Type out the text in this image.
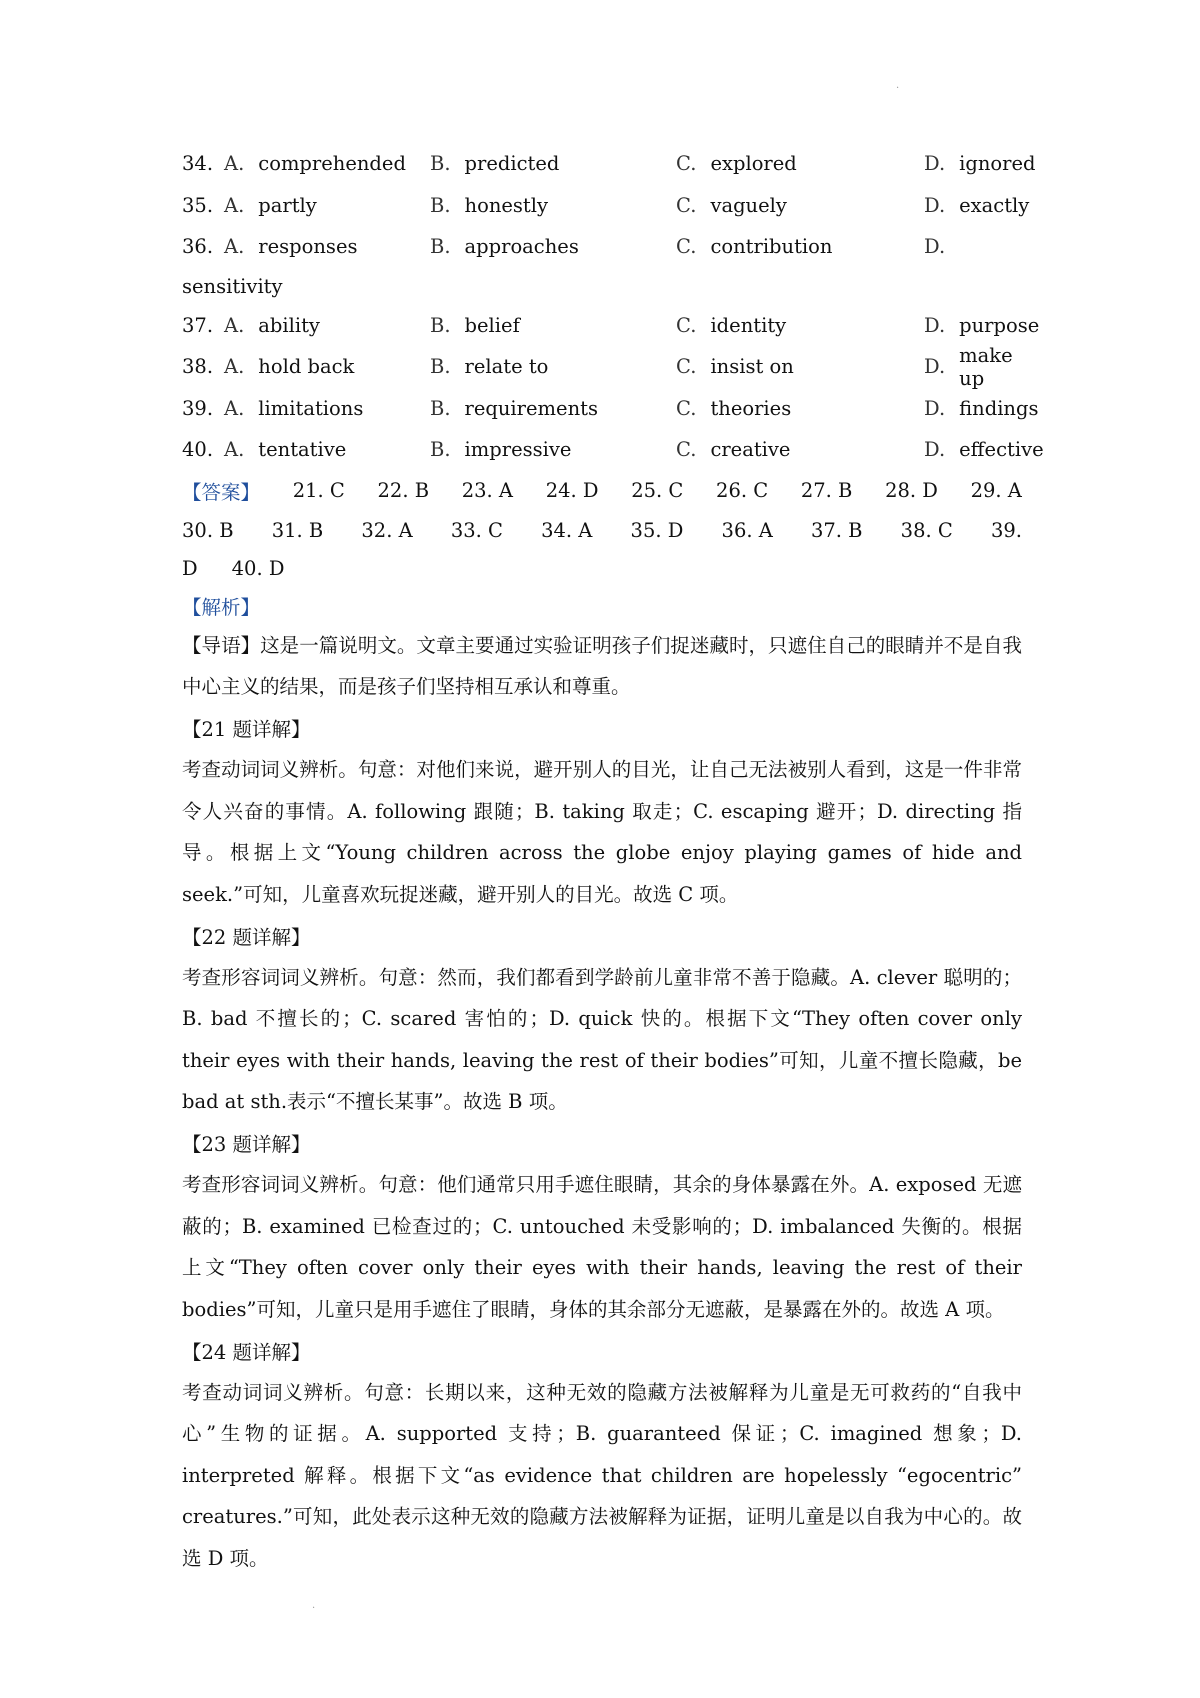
.
34. A. comprehended B. predicted	C. explored	D. ignored
35. A. partly	B. honestly	C. vaguely	D. exactly
36. A. responses	B. approaches	C. contribution	D.
sensitivity
37. A. ability	B. belief	C. identity	D. purpose
38. A. hold back	B. relate to	C. insist on	D. make up
39. A. limitations	B. requirements	C. theories	D. findings
40. A. tentative	B. impressive	C. creative	D. effective
【答案】 21. C 22. B 23. A 24. D 25. C 26. C 27. B 28. D 29. A
30. B 31. B 32. A 33. C 34. A 35. D 36. A 37. B 38. C 39.
D 40. D
【解析】

【导语】这是一篇说明文。文章主要通过实验证明孩子们捉迷藏时，只遮住自己的眼睛并不是自我中心主义的结果，而是孩子们坚持相互承认和尊重。

【21 题详解】

考查动词词义辨析。句意：对他们来说，避开别人的目光，让自己无法被别人看到，这是一件非常令人兴奋的事情。A. following 跟随；B. taking 取走；C. escaping 避开；D. directing 指导。根据上文“Young children across the globe enjoy playing games of hide and seek.”可知，儿童喜欢玩捉迷藏，避开别人的目光。故选 C 项。

【22 题详解】

考查形容词词义辨析。句意：然而，我们都看到学龄前儿童非常不善于隐藏。A. clever 聪明的；B. bad 不擅长的；C. scared 害怕的；D. quick 快的。根据下文“They often cover only their eyes with their hands, leaving the rest of their bodies”可知，儿童不擅长隐藏，be bad at sth.表示“不擅长某事”。故选 B 项。

【23 题详解】

考查形容词词义辨析。句意：他们通常只用手遮住眼睛，其余的身体暴露在外。A. exposed 无遮蔽的；B. examined 已检查过的；C. untouched 未受影响的；D. imbalanced 失衡的。根据上文“They often cover only their eyes with their hands, leaving the rest of their bodies”可知，儿童只是用手遮住了眼睛，身体的其余部分无遮蔽，是暴露在外的。故选 A 项。

【24 题详解】

考查动词词义辨析。句意：长期以来，这种无效的隐藏方法被解释为儿童是无可救药的“自我中心”生物的证据。A. supported 支持；B. guaranteed 保证；C. imagined 想象；D. interpreted 解释。根据下文“as evidence that children are hopelessly “egocentric” creatures.”可知，此处表示这种无效的隐藏方法被解释为证据，证明儿童是以自我为中心的。故选 D 项。

.
